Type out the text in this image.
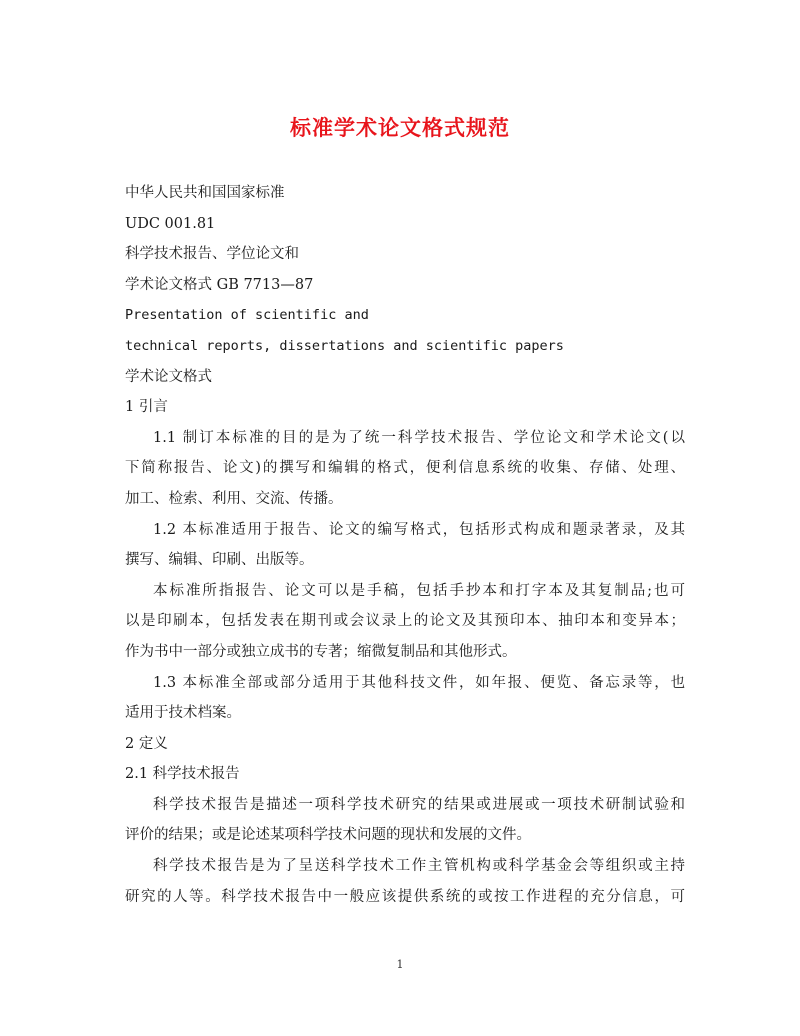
标准学术论文格式规范
中华人民共和国国家标准
UDC 001.81
科学技术报告、学位论文和
学术论文格式 GB 7713—87
Presentation of scientific and
technical reports, dissertations and scientific papers
学术论文格式
1 引言
1.1 制订本标准的目的是为了统一科学技术报告、学位论文和学术论文(以
下简称报告、论文)的撰写和编辑的格式，便利信息系统的收集、存储、处理、
加工、检索、利用、交流、传播。
1.2 本标准适用于报告、论文的编写格式，包括形式构成和题录著录，及其
撰写、编辑、印刷、出版等。
本标准所指报告、论文可以是手稿，包括手抄本和打字本及其复制品;也可
以是印刷本，包括发表在期刊或会议录上的论文及其预印本、抽印本和变异本；
作为书中一部分或独立成书的专著；缩微复制品和其他形式。
1.3 本标准全部或部分适用于其他科技文件，如年报、便览、备忘录等，也
适用于技术档案。
2 定义
2.1 科学技术报告
科学技术报告是描述一项科学技术研究的结果或进展或一项技术研制试验和
评价的结果；或是论述某项科学技术问题的现状和发展的文件。
科学技术报告是为了呈送科学技术工作主管机构或科学基金会等组织或主持
研究的人等。科学技术报告中一般应该提供系统的或按工作进程的充分信息，可
1
